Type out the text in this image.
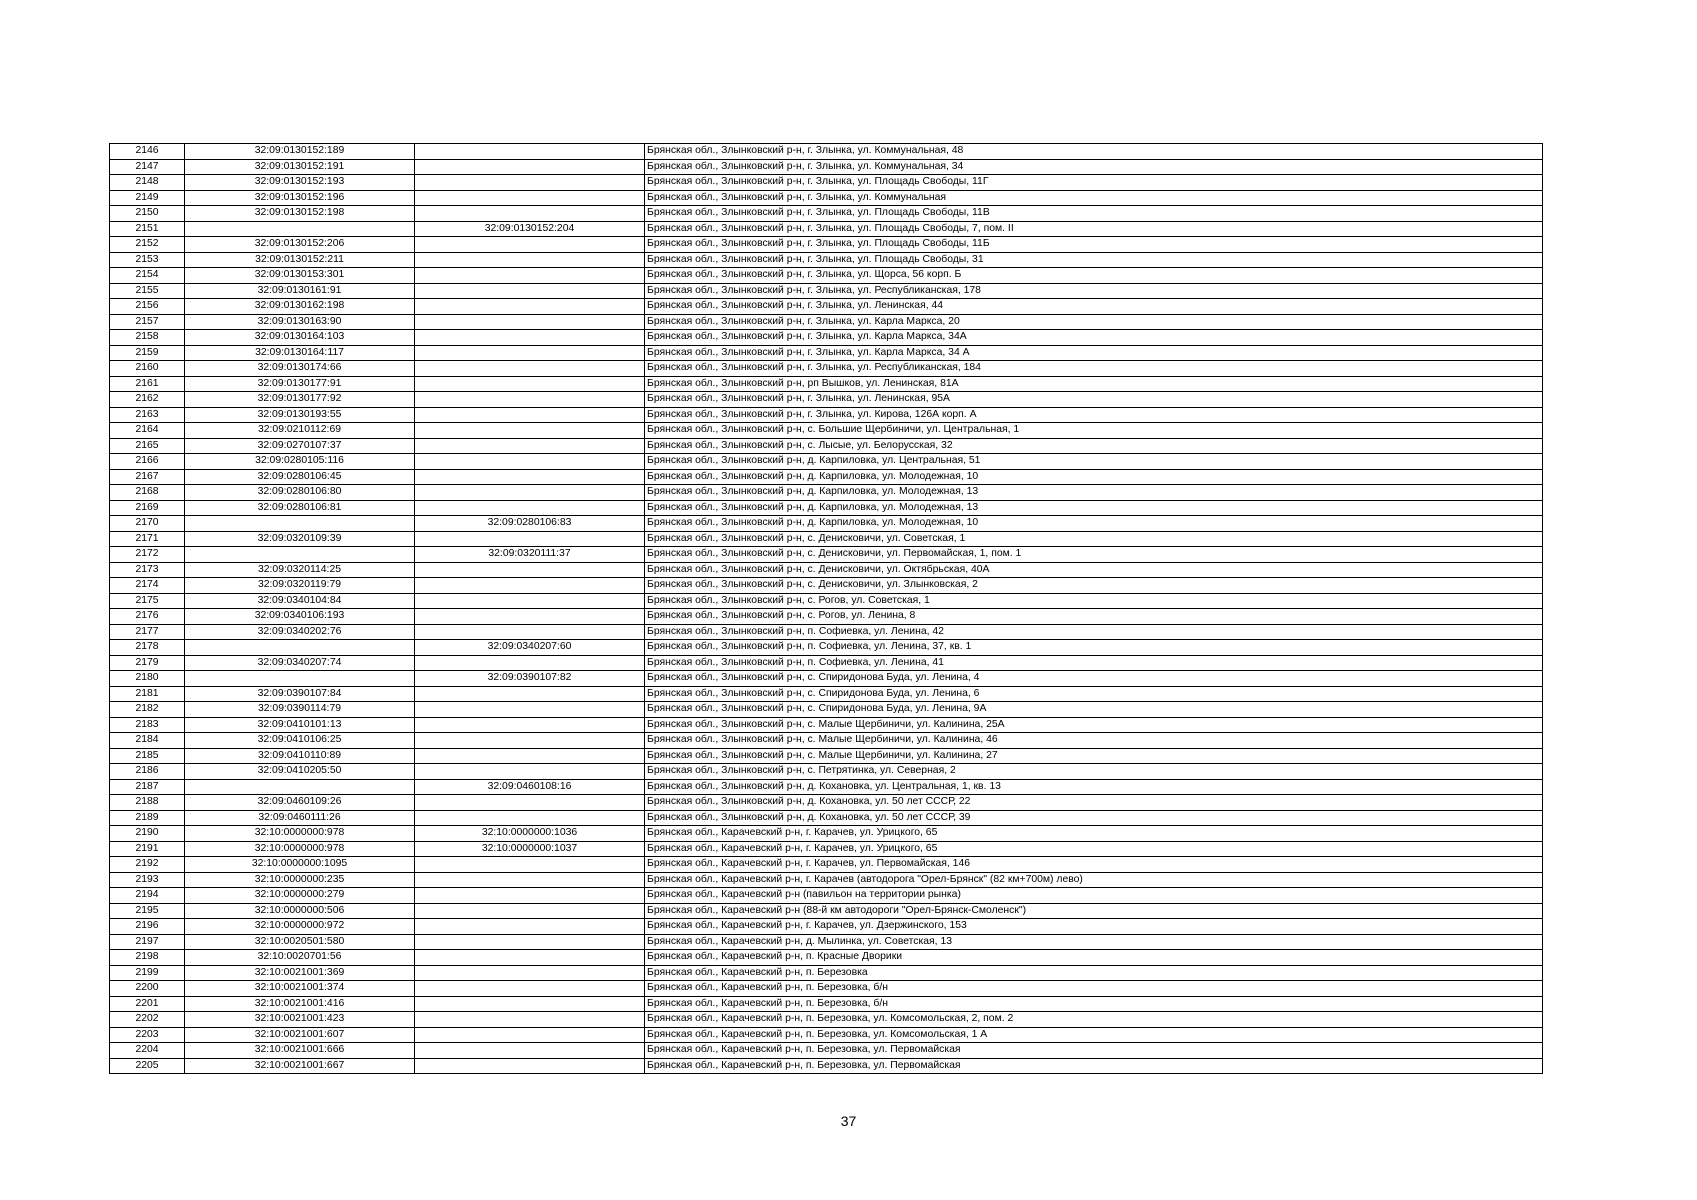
2146	32:09:0130152:189		Брянская обл., Злынковский р-н, г. Злынка, ул. Коммунальная, 48
2147	32:09:0130152:191		Брянская обл., Злынковский р-н, г. Злынка, ул. Коммунальная, 34
2148	32:09:0130152:193		Брянская обл., Злынковский р-н, г. Злынка, ул. Площадь Свободы, 11Г
2149	32:09:0130152:196		Брянская обл., Злынковский р-н, г. Злынка, ул. Коммунальная
2150	32:09:0130152:198		Брянская обл., Злынковский р-н, г. Злынка, ул. Площадь Свободы, 11В
2151		32:09:0130152:204	Брянская обл., Злынковский р-н, г. Злынка, ул. Площадь Свободы, 7, пом. II
2152	32:09:0130152:206		Брянская обл., Злынковский р-н, г. Злынка, ул. Площадь Свободы, 11Б
2153	32:09:0130152:211		Брянская обл., Злынковский р-н, г. Злынка, ул. Площадь Свободы, 31
2154	32:09:0130153:301		Брянская обл., Злынковский р-н, г. Злынка, ул. Щорса, 56 корп. Б
2155	32:09:0130161:91		Брянская обл., Злынковский р-н, г. Злынка, ул. Республиканская, 178
2156	32:09:0130162:198		Брянская обл., Злынковский р-н, г. Злынка, ул. Ленинская, 44
2157	32:09:0130163:90		Брянская обл., Злынковский р-н, г. Злынка, ул. Карла Маркса, 20
2158	32:09:0130164:103		Брянская обл., Злынковский р-н, г. Злынка, ул. Карла Маркса, 34А
2159	32:09:0130164:117		Брянская обл., Злынковский р-н, г. Злынка, ул. Карла Маркса, 34 А
2160	32:09:0130174:66		Брянская обл., Злынковский р-н, г. Злынка, ул. Республиканская, 184
2161	32:09:0130177:91		Брянская обл., Злынковский р-н, рп Вышков, ул. Ленинская, 81А
2162	32:09:0130177:92		Брянская обл., Злынковский р-н, г. Злынка, ул. Ленинская, 95А
2163	32:09:0130193:55		Брянская обл., Злынковский р-н, г. Злынка, ул. Кирова, 126А корп. А
2164	32:09:0210112:69		Брянская обл., Злынковский р-н, с. Большие Щербиничи, ул. Центральная, 1
2165	32:09:0270107:37		Брянская обл., Злынковский р-н, с. Лысые, ул. Белорусская, 32
2166	32:09:0280105:116		Брянская обл., Злынковский р-н, д. Карпиловка, ул. Центральная, 51
2167	32:09:0280106:45		Брянская обл., Злынковский р-н, д. Карпиловка, ул. Молодежная, 10
2168	32:09:0280106:80		Брянская обл., Злынковский р-н, д. Карпиловка, ул. Молодежная, 13
2169	32:09:0280106:81		Брянская обл., Злынковский р-н, д. Карпиловка, ул. Молодежная, 13
2170		32:09:0280106:83	Брянская обл., Злынковский р-н, д. Карпиловка, ул. Молодежная, 10
2171	32:09:0320109:39		Брянская обл., Злынковский р-н, с. Денисковичи, ул. Советская, 1
2172		32:09:0320111:37	Брянская обл., Злынковский р-н, с. Денисковичи, ул. Первомайская, 1, пом. 1
2173	32:09:0320114:25		Брянская обл., Злынковский р-н, с. Денисковичи, ул. Октябрьская, 40А
2174	32:09:0320119:79		Брянская обл., Злынковский р-н, с. Денисковичи, ул. Злынковская, 2
2175	32:09:0340104:84		Брянская обл., Злынковский р-н, с. Рогов, ул. Советская, 1
2176	32:09:0340106:193		Брянская обл., Злынковский р-н, с. Рогов, ул. Ленина, 8
2177	32:09:0340202:76		Брянская обл., Злынковский р-н, п. Софиевка, ул. Ленина, 42
2178		32:09:0340207:60	Брянская обл., Злынковский р-н, п. Софиевка, ул. Ленина, 37, кв. 1
2179	32:09:0340207:74		Брянская обл., Злынковский р-н, п. Софиевка, ул. Ленина, 41
2180		32:09:0390107:82	Брянская обл., Злынковский р-н, с. Спиридонова Буда, ул. Ленина, 4
2181	32:09:0390107:84		Брянская обл., Злынковский р-н, с. Спиридонова Буда, ул. Ленина, 6
2182	32:09:0390114:79		Брянская обл., Злынковский р-н, с. Спиридонова Буда, ул. Ленина, 9А
2183	32:09:0410101:13		Брянская обл., Злынковский р-н, с. Малые Щербиничи, ул. Калинина, 25А
2184	32:09:0410106:25		Брянская обл., Злынковский р-н, с. Малые Щербиничи, ул. Калинина, 46
2185	32:09:0410110:89		Брянская обл., Злынковский р-н, с. Малые Щербиничи, ул. Калинина, 27
2186	32:09:0410205:50		Брянская обл., Злынковский р-н, с. Петрятинка, ул. Северная, 2
2187		32:09:0460108:16	Брянская обл., Злынковский р-н, д. Кохановка, ул. Центральная, 1, кв. 13
2188	32:09:0460109:26		Брянская обл., Злынковский р-н, д. Кохановка, ул. 50 лет СССР, 22
2189	32:09:0460111:26		Брянская обл., Злынковский р-н, д. Кохановка, ул. 50 лет СССР, 39
2190	32:10:0000000:978	32:10:0000000:1036	Брянская обл., Карачевский р-н, г. Карачев, ул. Урицкого, 65
2191	32:10:0000000:978	32:10:0000000:1037	Брянская обл., Карачевский р-н, г. Карачев, ул. Урицкого, 65
2192	32:10:0000000:1095		Брянская обл., Карачевский р-н, г. Карачев, ул. Первомайская, 146
2193	32:10:0000000:235		Брянская обл., Карачевский р-н, г. Карачев (автодорога "Орел-Брянск" (82 км+700м) лево)
2194	32:10:0000000:279		Брянская обл., Карачевский р-н (павильон на территории рынка)
2195	32:10:0000000:506		Брянская обл., Карачевский р-н (88-й км автодороги "Орел-Брянск-Смоленск")
2196	32:10:0000000:972		Брянская обл., Карачевский р-н, г. Карачев, ул. Дзержинского, 153
2197	32:10:0020501:580		Брянская обл., Карачевский р-н, д. Мылинка, ул. Советская, 13
2198	32:10:0020701:56		Брянская обл., Карачевский р-н, п. Красные Дворики
2199	32:10:0021001:369		Брянская обл., Карачевский р-н, п. Березовка
2200	32:10:0021001:374		Брянская обл., Карачевский р-н, п. Березовка, б/н
2201	32:10:0021001:416		Брянская обл., Карачевский р-н, п. Березовка, б/н
2202	32:10:0021001:423		Брянская обл., Карачевский р-н, п. Березовка, ул. Комсомольская, 2, пом. 2
2203	32:10:0021001:607		Брянская обл., Карачевский р-н, п. Березовка, ул. Комсомольская, 1 А
2204	32:10:0021001:666		Брянская обл., Карачевский р-н, п. Березовка, ул. Первомайская
2205	32:10:0021001:667		Брянская обл., Карачевский р-н, п. Березовка, ул. Первомайская
37
